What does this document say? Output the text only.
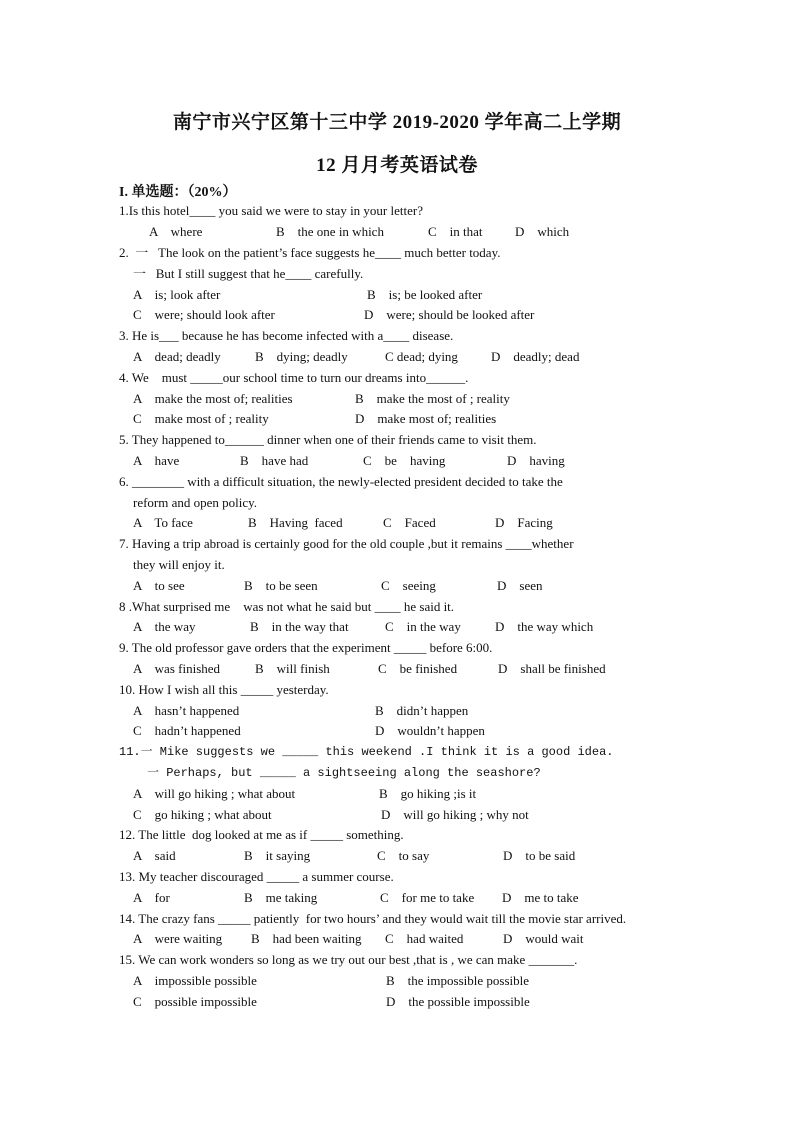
南宁市兴宁区第十三中学 2019-2020 学年高二上学期
12 月月考英语试卷
I. 单选题：（20%）
1.Is this hotel____ you said we were to stay in your letter?
A    where	B    the one in which	C    in that D    which
2.  一   The look on the patient’s face suggests he____ much better today.
一   But I still suggest that he____ carefully.
A    is; look after	B    is; be looked after
C    were; should look after	D    were; should be looked after
3. He is___ because he has become infected with a____ disease.
A    dead; deadly	B    dying; deadly	C dead; dying	D    deadly; dead
4. We    must _____our school time to turn our dreams into______.
A    make the most of; realities	B    make the most of ; reality
C    make most of ; reality	D    make most of; realities
5. They happened to______ dinner when one of their friends came to visit them.
A    have	B    have had	C    be    having	D    having
6. ________ with a difficult situation, the newly-elected president decided to take the
reform and open policy.
A    To face	B    Having  faced	C    Faced	D    Facing
7. Having a trip abroad is certainly good for the old couple ,but it remains ____whether
they will enjoy it.
A    to see	B    to be seen	C    seeing	D    seen
8 .What surprised me    was not what he said but ____ he said it.
A    the way	B    in the way that	C    in the way	D    the way which
9. The old professor gave orders that the experiment _____ before 6:00.
A    was finished	B    will finish	C    be finished	D    shall be finished
10. How I wish all this _____ yesterday.
A    hasn’t happened	B    didn’t happen
C    hadn’t happened	D    wouldn’t happen
11.一 Mike suggests we _____ this weekend .I think it is a good idea.
一 Perhaps, but _____ a sightseeing along the seashore?
A    will go hiking ; what about	B    go hiking ;is it
C    go hiking ; what about	D    will go hiking ; why not
12. The little  dog looked at me as if _____ something.
A    said	B    it saying	C    to say	D    to be said
13. My teacher discouraged _____ a summer course.
A    for	B    me taking	C    for me to take D    me to take
14. The crazy fans _____ patiently  for two hours’ and they would wait till the movie star arrived.
A    were waiting B    had been waiting C    had waited	D    would wait
15. We can work wonders so long as we try out our best ,that is , we can make _______.
A    impossible possible	B    the impossible possible
C    possible impossible	D    the possible impossible
